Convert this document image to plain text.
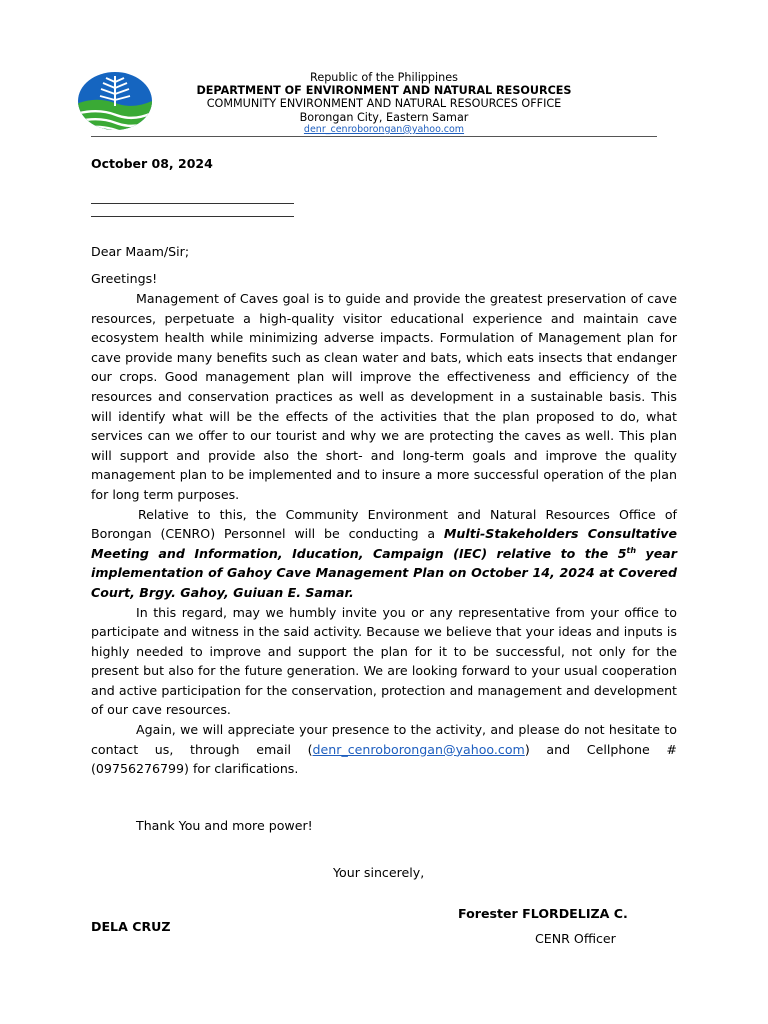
Republic of the Philippines
DEPARTMENT OF ENVIRONMENT AND NATURAL RESOURCES
COMMUNITY ENVIRONMENT AND NATURAL RESOURCES OFFICE
Borongan City, Eastern Samar
denr_cenroborongan@yahoo.com
October 08, 2024
Dear Maam/Sir;
Greetings!

Management of Caves goal is to guide and provide the greatest preservation of cave resources, perpetuate a high-quality visitor educational experience and maintain cave ecosystem health while minimizing adverse impacts. Formulation of Management plan for cave provide many benefits such as clean water and bats, which eats insects that endanger our crops. Good management plan will improve the effectiveness and efficiency of the resources and conservation practices as well as development in a sustainable basis. This will identify what will be the effects of the activities that the plan proposed to do, what services can we offer to our tourist and why we are protecting the caves as well. This plan will support and provide also the short- and long-term goals and improve the quality management plan to be implemented and to insure a more successful operation of the plan for long term purposes.

Relative to this, the Community Environment and Natural Resources Office of Borongan (CENRO) Personnel will be conducting a Multi-Stakeholders Consultative Meeting and Information, Iducation, Campaign (IEC) relative to the 5th year implementation of Gahoy Cave Management Plan on October 14, 2024 at Covered Court, Brgy. Gahoy, Guiuan E. Samar.

In this regard, may we humbly invite you or any representative from your office to participate and witness in the said activity. Because we believe that your ideas and inputs is highly needed to improve and support the plan for it to be successful, not only for the present but also for the future generation. We are looking forward to your usual cooperation and active participation for the conservation, protection and management and development of our cave resources.

Again, we will appreciate your presence to the activity, and please do not hesitate to contact us, through email (denr_cenroborongan@yahoo.com) and Cellphone # (09756276799) for clarifications.

Thank You and more power!
Your sincerely,
Forester FLORDELIZA C.
DELA CRUZ
CENR Officer
